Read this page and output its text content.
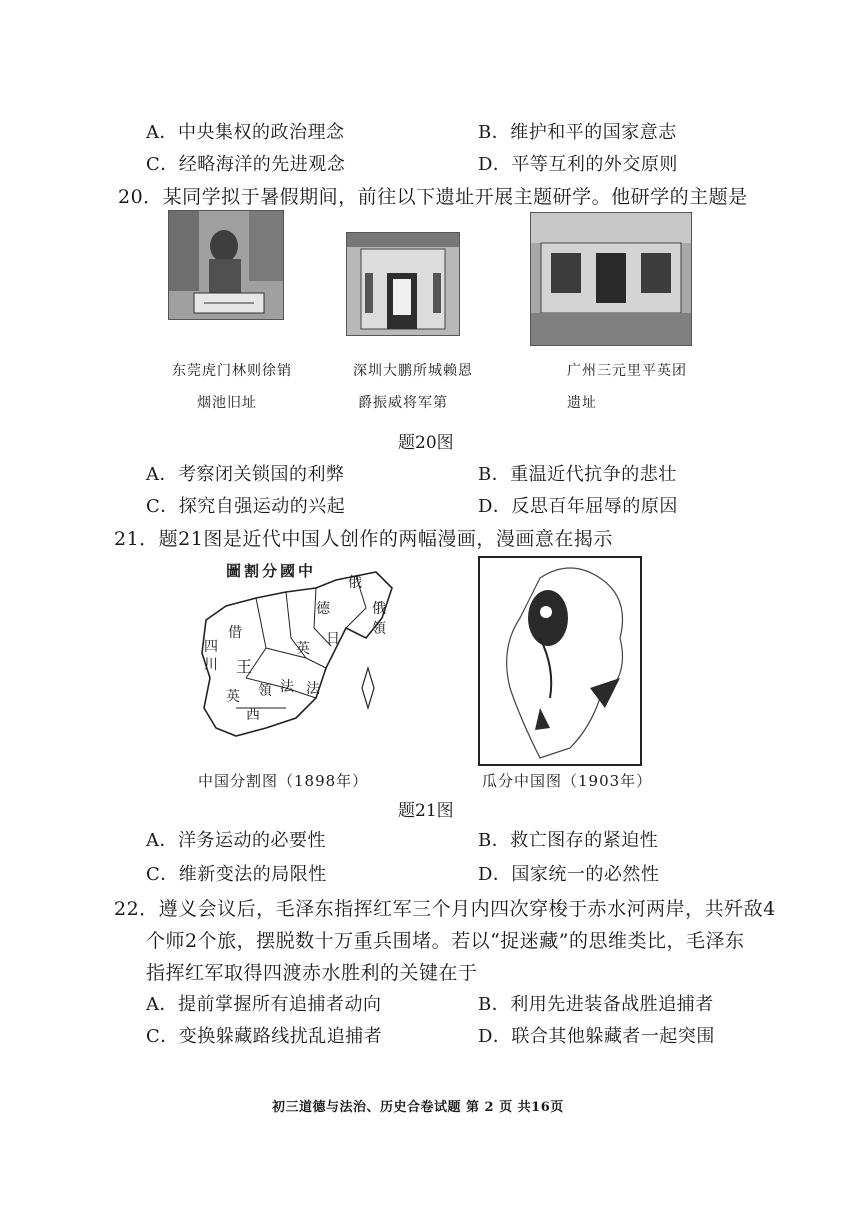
A．中央集权的政治理念	B．维护和平的国家意志
C．经略海洋的先进观念	D．平等互利的外交原则
20．某同学拟于暑假期间，前往以下遗址开展主题研学。他研学的主题是
东莞虎门林则徐销
烟池旧址
深圳大鹏所城赖恩
爵振威将军第
广州三元里平英团
遗址
题20图
A．考察闭关锁国的利弊	B．重温近代抗争的悲壮
C．探究自强运动的兴起	D．反思百年屈辱的原因
21．题21图是近代中国人创作的两幅漫画，漫画意在揭示
圖割分國中
俄
德
英
法
日
借
四
川 王
西
英 領 法
俄
領
中国分割图（1898年）	瓜分中国图（1903年）
题21图
A．洋务运动的必要性	B．救亡图存的紧迫性
C．维新变法的局限性	D．国家统一的必然性
22．遵义会议后，毛泽东指挥红军三个月内四次穿梭于赤水河两岸，共歼敌4
个师2个旅，摆脱数十万重兵围堵。若以“捉迷藏”的思维类比，毛泽东
指挥红军取得四渡赤水胜利的关键在于
A．提前掌握所有追捕者动向	B．利用先进装备战胜追捕者
C．变换躲藏路线扰乱追捕者	D．联合其他躲藏者一起突围
初三道德与法治、历史合卷试题 第 2 页 共16页
